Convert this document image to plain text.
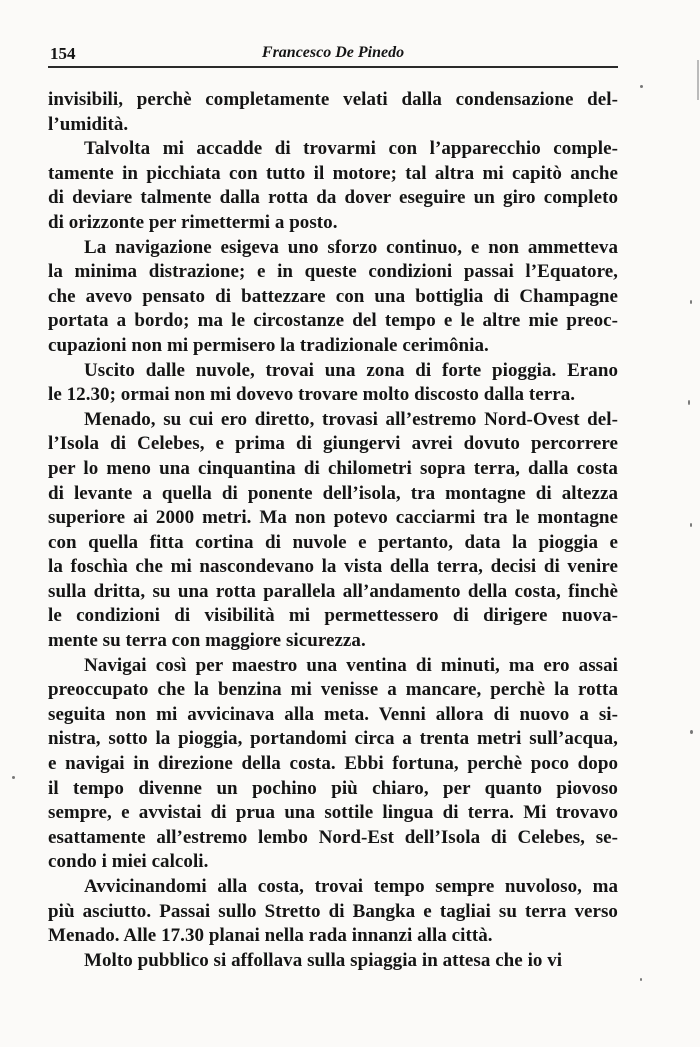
154	Francesco De Pinedo

invisibili, perchè completamente velati dalla condensazione del-
l’umidità.

Talvolta mi accadde di trovarmi con l’apparecchio comple-
tamente in picchiata con tutto il motore; tal altra mi capitò anche
di deviare talmente dalla rotta da dover eseguire un giro completo
di orizzonte per rimettermi a posto.

La navigazione esigeva uno sforzo continuo, e non ammetteva
la minima distrazione; e in queste condizioni passai l’Equatore,
che avevo pensato di battezzare con una bottiglia di Champagne
portata a bordo; ma le circostanze del tempo e le altre mie preoc-
cupazioni non mi permisero la tradizionale cerimônia.

Uscito dalle nuvole, trovai una zona di forte pioggia. Erano
le 12.30; ormai non mi dovevo trovare molto discosto dalla terra.

Menado, su cui ero diretto, trovasi all’estremo Nord-Ovest del-
l’Isola di Celebes, e prima di giungervi avrei dovuto percorrere
per lo meno una cinquantina di chilometri sopra terra, dalla costa
di levante a quella di ponente dell’isola, tra montagne di altezza
superiore ai 2000 metri. Ma non potevo cacciarmi tra le montagne
con quella fitta cortina di nuvole e pertanto, data la pioggia e
la foschìa che mi nascondevano la vista della terra, decisi di venire
sulla dritta, su una rotta parallela all’andamento della costa, finchè
le condizioni di visibilità mi permettessero di dirigere nuova-
mente su terra con maggiore sicurezza.

Navigai così per maestro una ventina di minuti, ma ero assai
preoccupato che la benzina mi venisse a mancare, perchè la rotta
seguita non mi avvicinava alla meta. Venni allora di nuovo a si-
nistra, sotto la pioggia, portandomi circa a trenta metri sull’acqua,
e navigai in direzione della costa. Ebbi fortuna, perchè poco dopo
il tempo divenne un pochino più chiaro, per quanto piovoso
sempre, e avvistai di prua una sottile lingua di terra. Mi trovavo
esattamente all’estremo lembo Nord-Est dell’Isola di Celebes, se-
condo i miei calcoli.

Avvicinandomi alla costa, trovai tempo sempre nuvoloso, ma
più asciutto. Passai sullo Stretto di Bangka e tagliai su terra verso
Menado. Alle 17.30 planai nella rada innanzi alla città.

Molto pubblico si affollava sulla spiaggia in attesa che io vi
